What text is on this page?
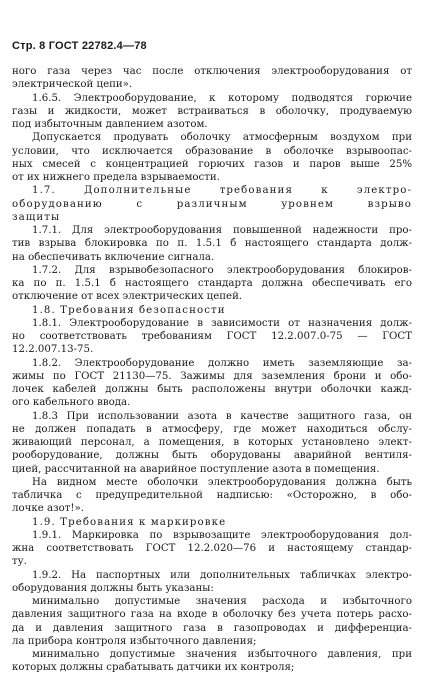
Стр. 8 ГОСТ 22782.4—78

ного газа через час после отключения электрооборудования от

электрической цепи».

1.6.5. Электрооборудование, к которому подводятся горючие

газы и жидкости, может встраиваться в оболочку, продуваемую

под избыточным давлением азотом.

Допускается продувать оболочку атмосферным воздухом при

условии, что исключается образование в оболочке взрывоопас-

ных смесей с концентрацией горючих газов и паров выше 25%

от их нижнего предела взрываемости.

1.7. Дополнительные требования к электро-

оборудованию с различным уровнем взрыво

защиты

1.7.1. Для электрооборудования повышенной надежности про-

тив взрыва блокировка по п. 1.5.1 б настоящего стандарта долж-

на обеспечивать включение сигнала.

1.7.2. Для взрывобезопасного электрооборудования блокиров-

ка по п. 1.5.1 б настоящего стандарта должна обеспечивать его

отключение от всех электрических цепей.

1.8. Требования безопасности

1.8.1. Электрооборудование в зависимости от назначения долж-

но соответствовать требованиям ГОСТ 12.2.007.0-75 — ГОСТ

12.2.007.13-75.

1.8.2. Электрооборудование должно иметь заземляющие за-

жимы по ГОСТ 21130—75. Зажимы для заземления брони и обо-

лочек кабелей должны быть расположены внутри оболочки кажд-

ого кабельного ввода.

1.8.3 При использовании азота в качестве защитного газа, он

не должен попадать в атмосферу, где может находиться обслу-

живающий персонал, а помещения, в которых установлено элект-

рооборудование, должны быть оборудованы аварийной вентиля-

цией, рассчитанной на аварийное поступление азота в помещения.

На видном месте оболочки электрооборудования должна быть

табличка с предупредительной надписью: «Осторожно, в обо-

лочке азот!».

1.9. Требования к маркировке

1.9.1. Маркировка по взрывозащите электрооборудования дол-

жна соответствовать ГОСТ 12.2.020—76 и настоящему стандар-

ту.

1.9.2. На паспортных или дополнительных табличках электро-

оборудования должны быть указаны:

минимально допустимые значения расхода и избыточного

давления защитного газа на входе в оболочку без учета потерь расхо-

да и давления защитного газа в газопроводах и дифференциа-

ла прибора контроля избыточного давления;

минимально допустимые значения избыточного давления, при

которых должны срабатывать датчики их контроля;
